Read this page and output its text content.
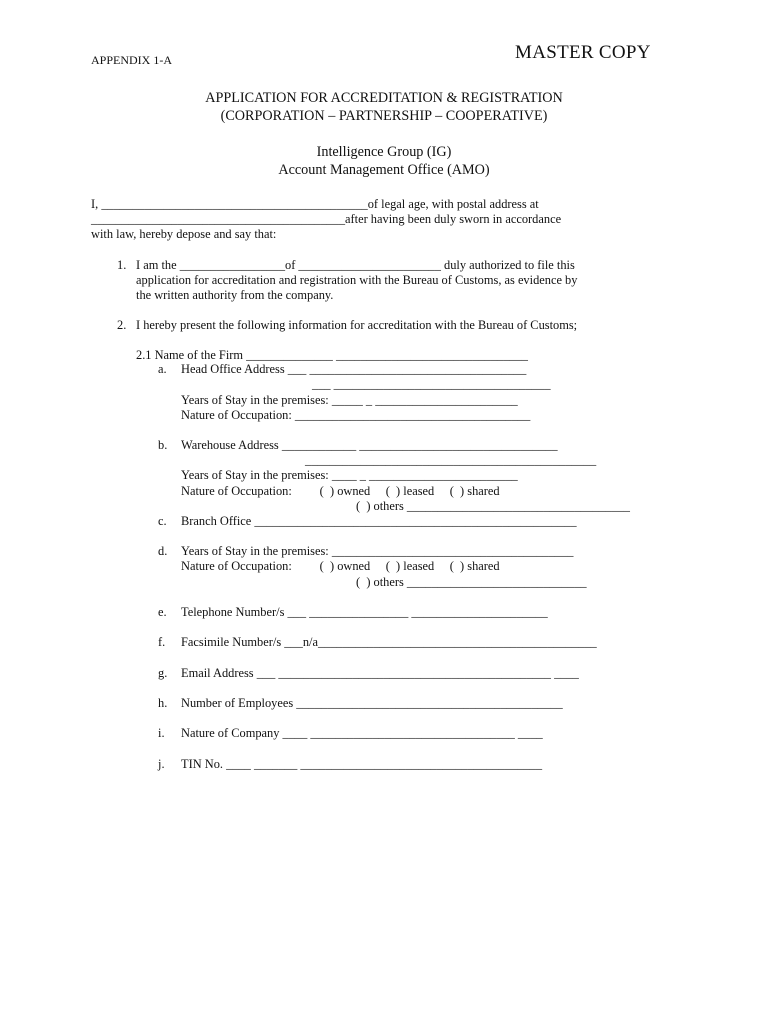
APPENDIX 1-A	MASTER COPY
APPLICATION FOR ACCREDITATION & REGISTRATION
(CORPORATION – PARTNERSHIP – COOPERATIVE)
Intelligence Group (IG)
Account Management Office (AMO)
I, ___________________________________________of legal age, with postal address at
_________________________________________after having been duly sworn in accordance
with law, hereby depose and say that:
1. I am the _________________of _______________________ duly authorized to file this
application for accreditation and registration with the Bureau of Customs, as evidence by
the written authority from the company.
2. I hereby present the following information for accreditation with the Bureau of Customs;
2.1 Name of the Firm ______________ _______________________________
a. Head Office Address ___ ___________________________________
___ ___________________________________
Years of Stay in the premises: _____ _ _______________________
Nature of Occupation: ______________________________________
b. Warehouse Address ____________ ________________________________
_______________________________________________
Years of Stay in the premises: ____ _ ________________________
Nature of Occupation:         (  ) owned     (  ) leased     (  ) shared
(  ) others ____________________________________
c. Branch Office ____________________________________________________
d. Years of Stay in the premises: _______________________________________
Nature of Occupation:         (  ) owned     (  ) leased     (  ) shared
(  ) others _____________________________
e. Telephone Number/s ___ ________________ ______________________
f. Facsimile Number/s ___n/a_____________________________________________
g. Email Address ___ ____________________________________________ ____
h. Number of Employees ___________________________________________
i. Nature of Company ____ _________________________________ ____
j. TIN No. ____ _______ _______________________________________
